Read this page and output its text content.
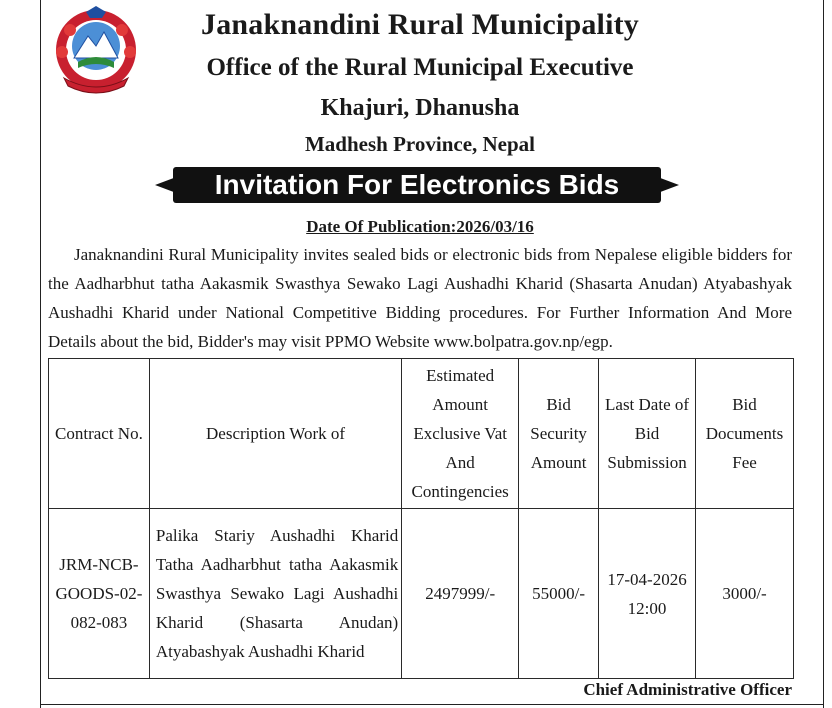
Janaknandini Rural Municipality
Office of the Rural Municipal Executive
Khajuri, Dhanusha
Madhesh Province, Nepal
Invitation For Electronics Bids
Date Of Publication:2026/03/16
Janaknandini Rural Municipality invites sealed bids or electronic bids from Nepalese eligible bidders for the Aadharbhut tatha Aakasmik Swasthya Sewako Lagi Aushadhi Kharid (Shasarta Anudan) Atyabashyak Aushadhi Kharid under National Competitive Bidding procedures. For Further Information And More Details about the bid, Bidder's may visit PPMO Website www.bolpatra.gov.np/egp.
Contract No.	Description Work of	Estimated Amount Exclusive Vat And Contingencies	Bid Security Amount	Last Date of Bid Submission	Bid Documents Fee
JRM-NCB-GOODS-02-082-083	Palika Stariy Aushadhi Kharid Tatha Aadharbhut tatha Aakasmik Swasthya Sewako Lagi Aushadhi Kharid (Shasarta Anudan) Atyabashyak Aushadhi Kharid	2497999/-	55000/-	17-04-2026 12:00	3000/-
Chief Administrative Officer
